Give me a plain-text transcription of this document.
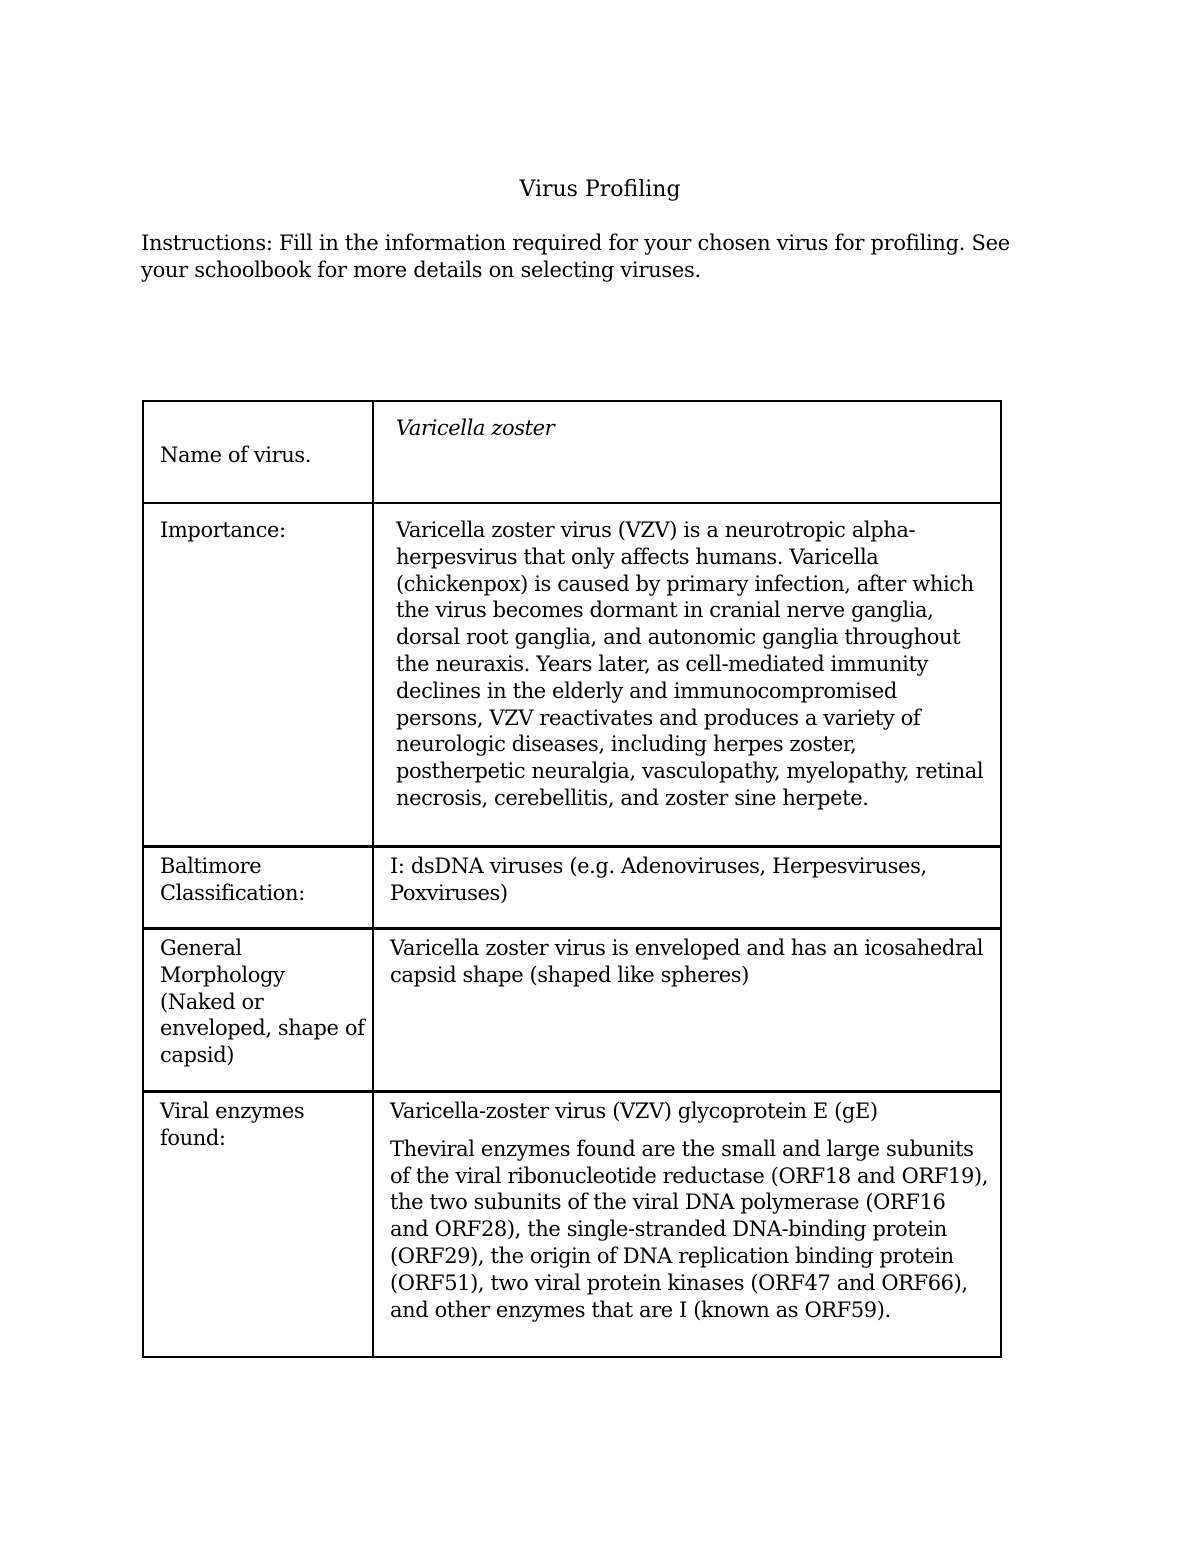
Virus Profiling

Instructions: Fill in the information required for your chosen virus for profiling. See your schoolbook for more details on selecting viruses.

Name of virus.	Varicella zoster

Importance:	Varicella zoster virus (VZV) is a neurotropic alpha-herpesvirus that only affects humans. Varicella (chickenpox) is caused by primary infection, after which the virus becomes dormant in cranial nerve ganglia, dorsal root ganglia, and autonomic ganglia throughout the neuraxis. Years later, as cell-mediated immunity declines in the elderly and immunocompromised persons, VZV reactivates and produces a variety of neurologic diseases, including herpes zoster, postherpetic neuralgia, vasculopathy, myelopathy, retinal necrosis, cerebellitis, and zoster sine herpete.

Baltimore Classification:	I: dsDNA viruses (e.g. Adenoviruses, Herpesviruses, Poxviruses)

General Morphology (Naked or enveloped, shape of capsid)	Varicella zoster virus is enveloped and has an icosahedral capsid shape (shaped like spheres)

Viral enzymes found:	Varicella-zoster virus (VZV) glycoprotein E (gE)

Theviral enzymes found are the small and large subunits of the viral ribonucleotide reductase (ORF18 and ORF19), the two subunits of the viral DNA polymerase (ORF16 and ORF28), the single-stranded DNA-binding protein (ORF29), the origin of DNA replication binding protein (ORF51), two viral protein kinases (ORF47 and ORF66), and other enzymes that are I (known as ORF59).
